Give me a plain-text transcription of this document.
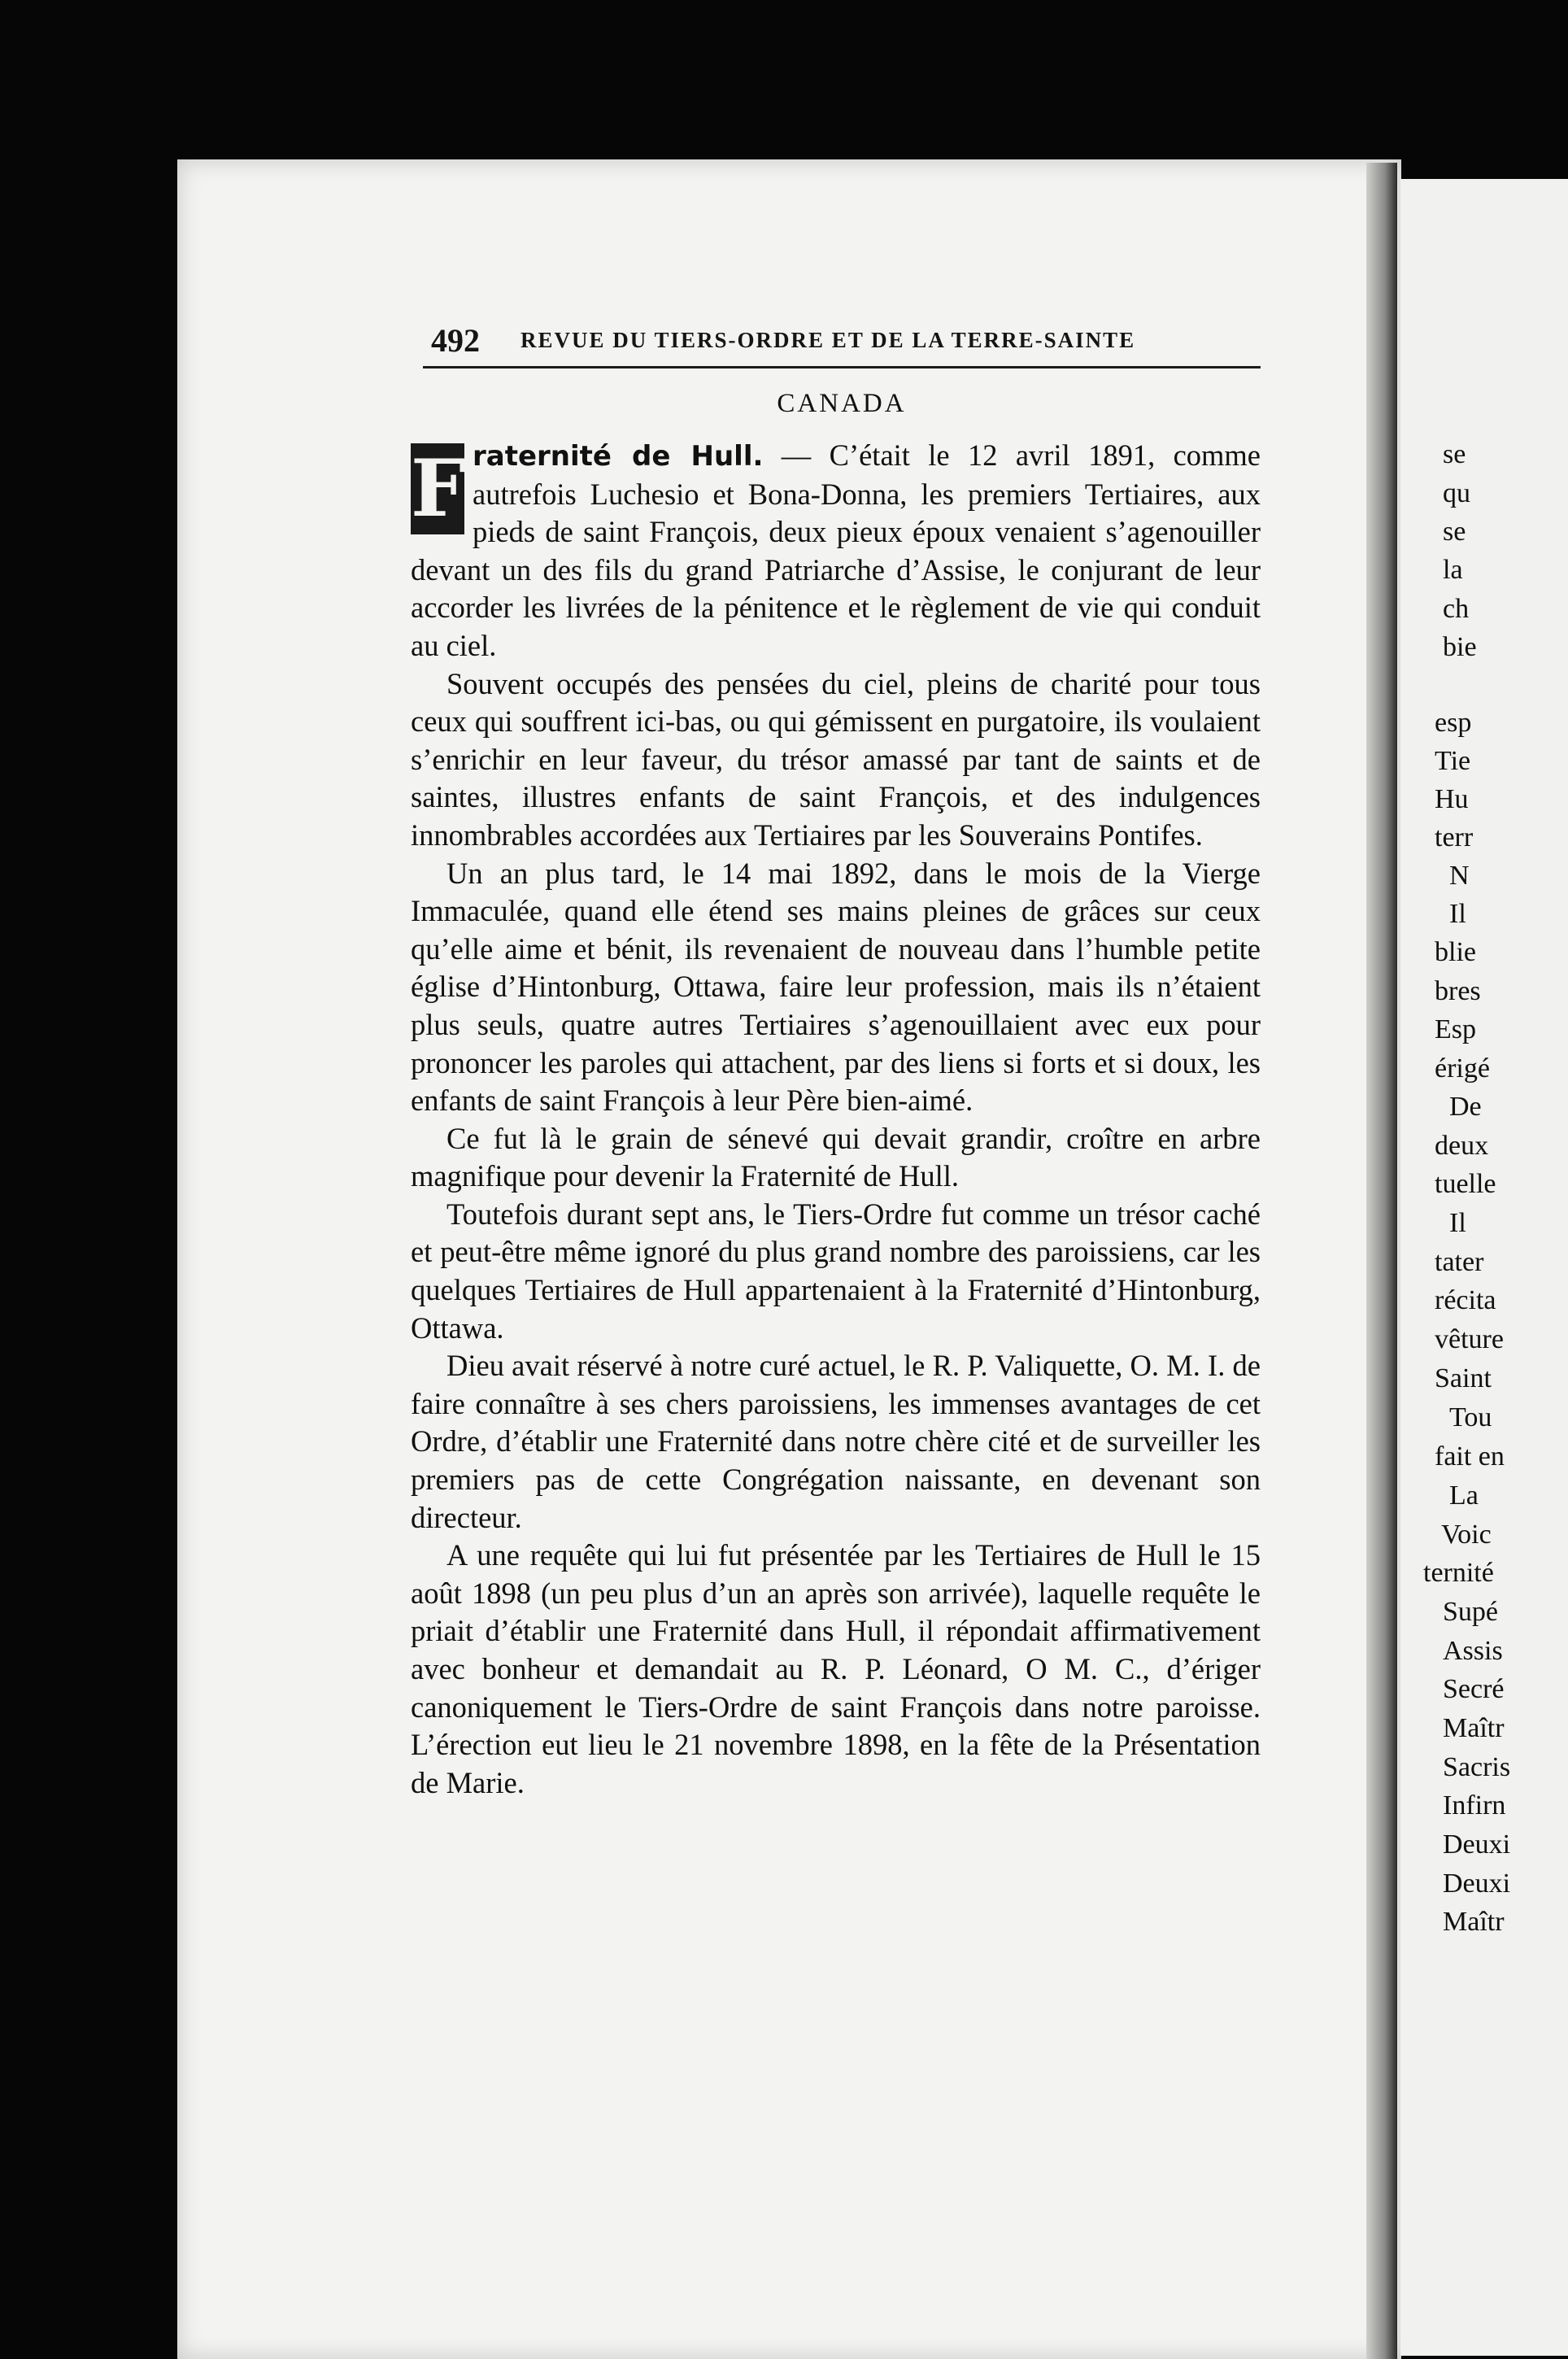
492 REVUE DU TIERS-ORDRE ET DE LA TERRE-SAINTE
CANADA

F raternité de Hull. — C’était le 12 avril 1891, comme autrefois Luchesio et Bona-Donna, les premiers Tertiaires, aux pieds de saint François, deux pieux époux venaient s’agenouiller devant un des fils du grand Patriarche d’Assise, le conjurant de leur accorder les livrées de la pénitence et le règlement de vie qui conduit au ciel.

Souvent occupés des pensées du ciel, pleins de charité pour tous ceux qui souffrent ici-bas, ou qui gémissent en purgatoire, ils voulaient s’enrichir en leur faveur, du trésor amassé par tant de saints et de saintes, illustres enfants de saint François, et des indulgences innombrables accordées aux Tertiaires par les Souverains Pontifes.

Un an plus tard, le 14 mai 1892, dans le mois de la Vierge Immaculée, quand elle étend ses mains pleines de grâces sur ceux qu’elle aime et bénit, ils revenaient de nouveau dans l’humble petite église d’Hintonburg, Ottawa, faire leur profession, mais ils n’étaient plus seuls, quatre autres Tertiaires s’agenouillaient avec eux pour prononcer les paroles qui attachent, par des liens si forts et si doux, les enfants de saint François à leur Père bien-aimé.

Ce fut là le grain de sénevé qui devait grandir, croître en arbre magnifique pour devenir la Fraternité de Hull.

Toutefois durant sept ans, le Tiers-Ordre fut comme un trésor caché et peut-être même ignoré du plus grand nombre des paroissiens, car les quelques Tertiaires de Hull appartenaient à la Fraternité d’Hintonburg, Ottawa.

Dieu avait réservé à notre curé actuel, le R. P. Valiquette, O. M. I. de faire connaître à ses chers paroissiens, les immenses avantages de cet Ordre, d’établir une Fraternité dans notre chère cité et de surveiller les premiers pas de cette Congrégation naissante, en devenant son directeur.

A une requête qui lui fut présentée par les Tertiaires de Hull le 15 août 1898 (un peu plus d’un an après son arrivée), laquelle requête le priait d’établir une Fraternité dans Hull, il répondait affirmativement avec bonheur et demandait au R. P. Léonard, O M. C., d’ériger canoniquement le Tiers-Ordre de saint François dans notre paroisse. L’érection eut lieu le 21 novembre 1898, en la fête de la Présentation de Marie.

se
qu
se
la
ch
bie
esp
Tie
Hu
terr
N
Il
blie
bres
Esp
érigé
De
deux
tuelle
Il
tater
récita
vêture
Saint
Tou
fait en
La
Voic
ternité
Supé
Assis
Secré
Maîtr
Sacris
Infirn
Deuxi
Deuxi
Maîtr
